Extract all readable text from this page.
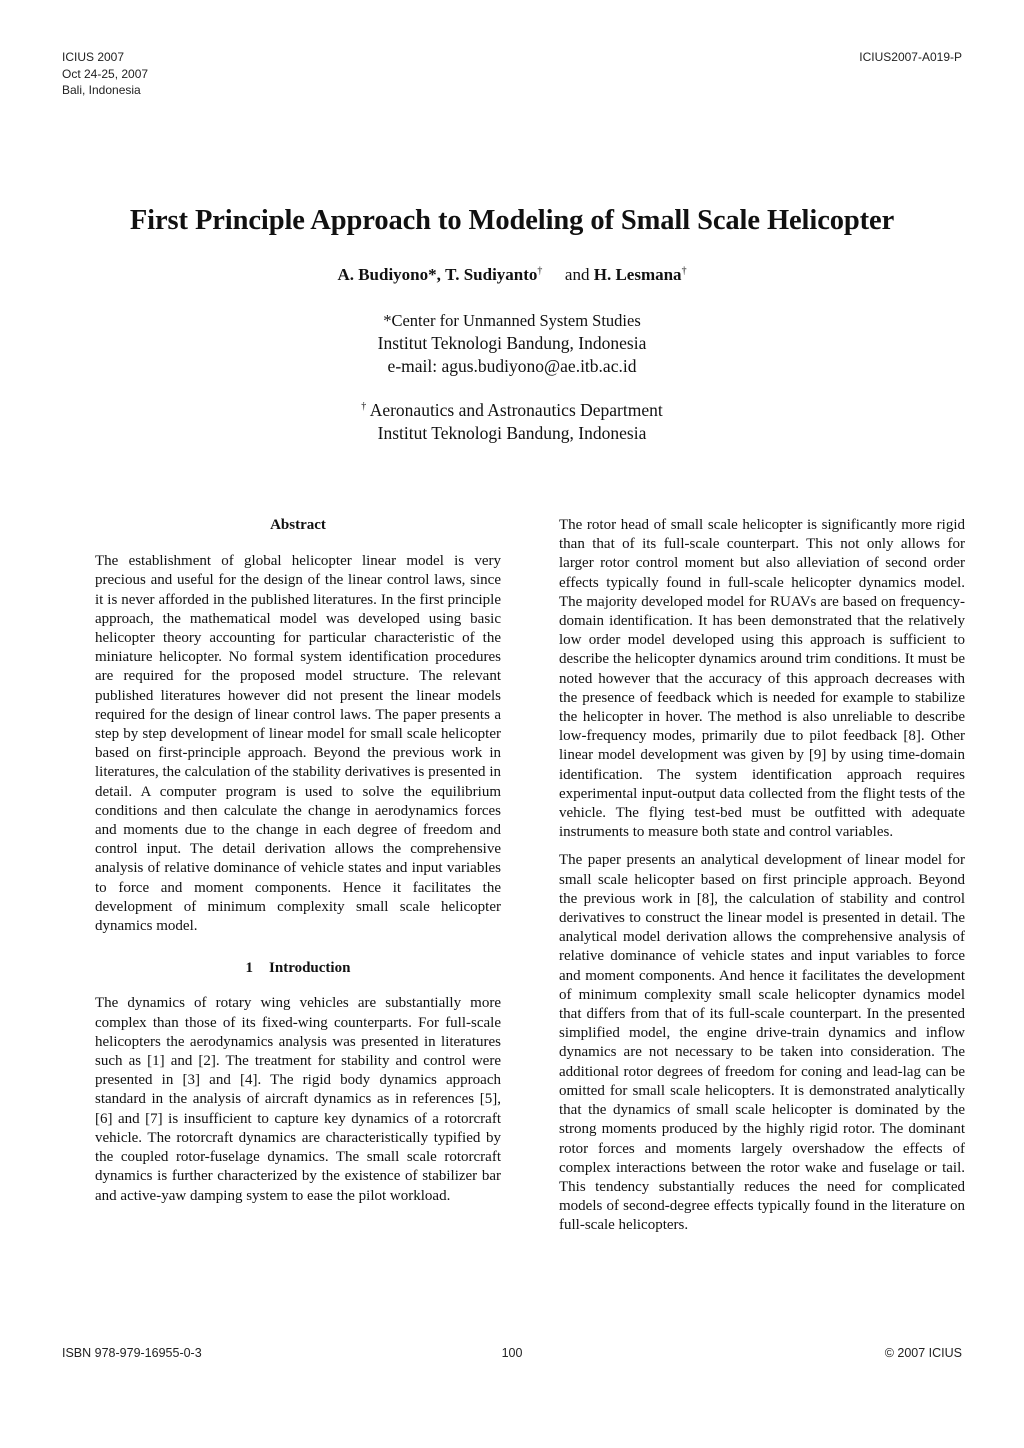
ICIUS 2007
Oct 24-25, 2007
Bali, Indonesia
ICIUS2007-A019-P
First Principle Approach to Modeling of Small Scale Helicopter
A. Budiyono*, T. Sudiyanto† and H. Lesmana†
*Center for Unmanned System Studies
Institut Teknologi Bandung, Indonesia
e-mail: agus.budiyono@ae.itb.ac.id
† Aeronautics and Astronautics Department
Institut Teknologi Bandung, Indonesia
Abstract

The establishment of global helicopter linear model is very precious and useful for the design of the linear control laws, since it is never afforded in the published literatures. In the first principle approach, the mathematical model was developed using basic helicopter theory accounting for particular characteristic of the miniature helicopter. No formal system identification procedures are required for the proposed model structure. The relevant published literatures however did not present the linear models required for the design of linear control laws. The paper presents a step by step development of linear model for small scale helicopter based on first-principle approach. Beyond the previous work in literatures, the calculation of the stability derivatives is presented in detail. A computer program is used to solve the equilibrium conditions and then calculate the change in aerodynamics forces and moments due to the change in each degree of freedom and control input. The detail derivation allows the comprehensive analysis of relative dominance of vehicle states and input variables to force and moment components. Hence it facilitates the development of minimum complexity small scale helicopter dynamics model.

1 Introduction

The dynamics of rotary wing vehicles are substantially more complex than those of its fixed-wing counterparts. For full-scale helicopters the aerodynamics analysis was presented in literatures such as [1] and [2]. The treatment for stability and control were presented in [3] and [4]. The rigid body dynamics approach standard in the analysis of aircraft dynamics as in references [5], [6] and [7] is insufficient to capture key dynamics of a rotorcraft vehicle. The rotorcraft dynamics are characteristically typified by the coupled rotor-fuselage dynamics. The small scale rotorcraft dynamics is further characterized by the existence of stabilizer bar and active-yaw damping system to ease the pilot workload.

The rotor head of small scale helicopter is significantly more rigid than that of its full-scale counterpart. This not only allows for larger rotor control moment but also alleviation of second order effects typically found in full-scale helicopter dynamics model. The majority developed model for RUAVs are based on frequency-domain identification. It has been demonstrated that the relatively low order model developed using this approach is sufficient to describe the helicopter dynamics around trim conditions. It must be noted however that the accuracy of this approach decreases with the presence of feedback which is needed for example to stabilize the helicopter in hover. The method is also unreliable to describe low-frequency modes, primarily due to pilot feedback [8]. Other linear model development was given by [9] by using time-domain identification. The system identification approach requires experimental input-output data collected from the flight tests of the vehicle. The flying test-bed must be outfitted with adequate instruments to measure both state and control variables.

The paper presents an analytical development of linear model for small scale helicopter based on first principle approach. Beyond the previous work in [8], the calculation of stability and control derivatives to construct the linear model is presented in detail. The analytical model derivation allows the comprehensive analysis of relative dominance of vehicle states and input variables to force and moment components. And hence it facilitates the development of minimum complexity small scale helicopter dynamics model that differs from that of its full-scale counterpart. In the presented simplified model, the engine drive-train dynamics and inflow dynamics are not necessary to be taken into consideration. The additional rotor degrees of freedom for coning and lead-lag can be omitted for small scale helicopters. It is demonstrated analytically that the dynamics of small scale helicopter is dominated by the strong moments produced by the highly rigid rotor. The dominant rotor forces and moments largely overshadow the effects of complex interactions between the rotor wake and fuselage or tail. This tendency substantially reduces the need for complicated models of second-degree effects typically found in the literature on full-scale helicopters.

ISBN 978-979-16955-0-3	100	© 2007 ICIUS
